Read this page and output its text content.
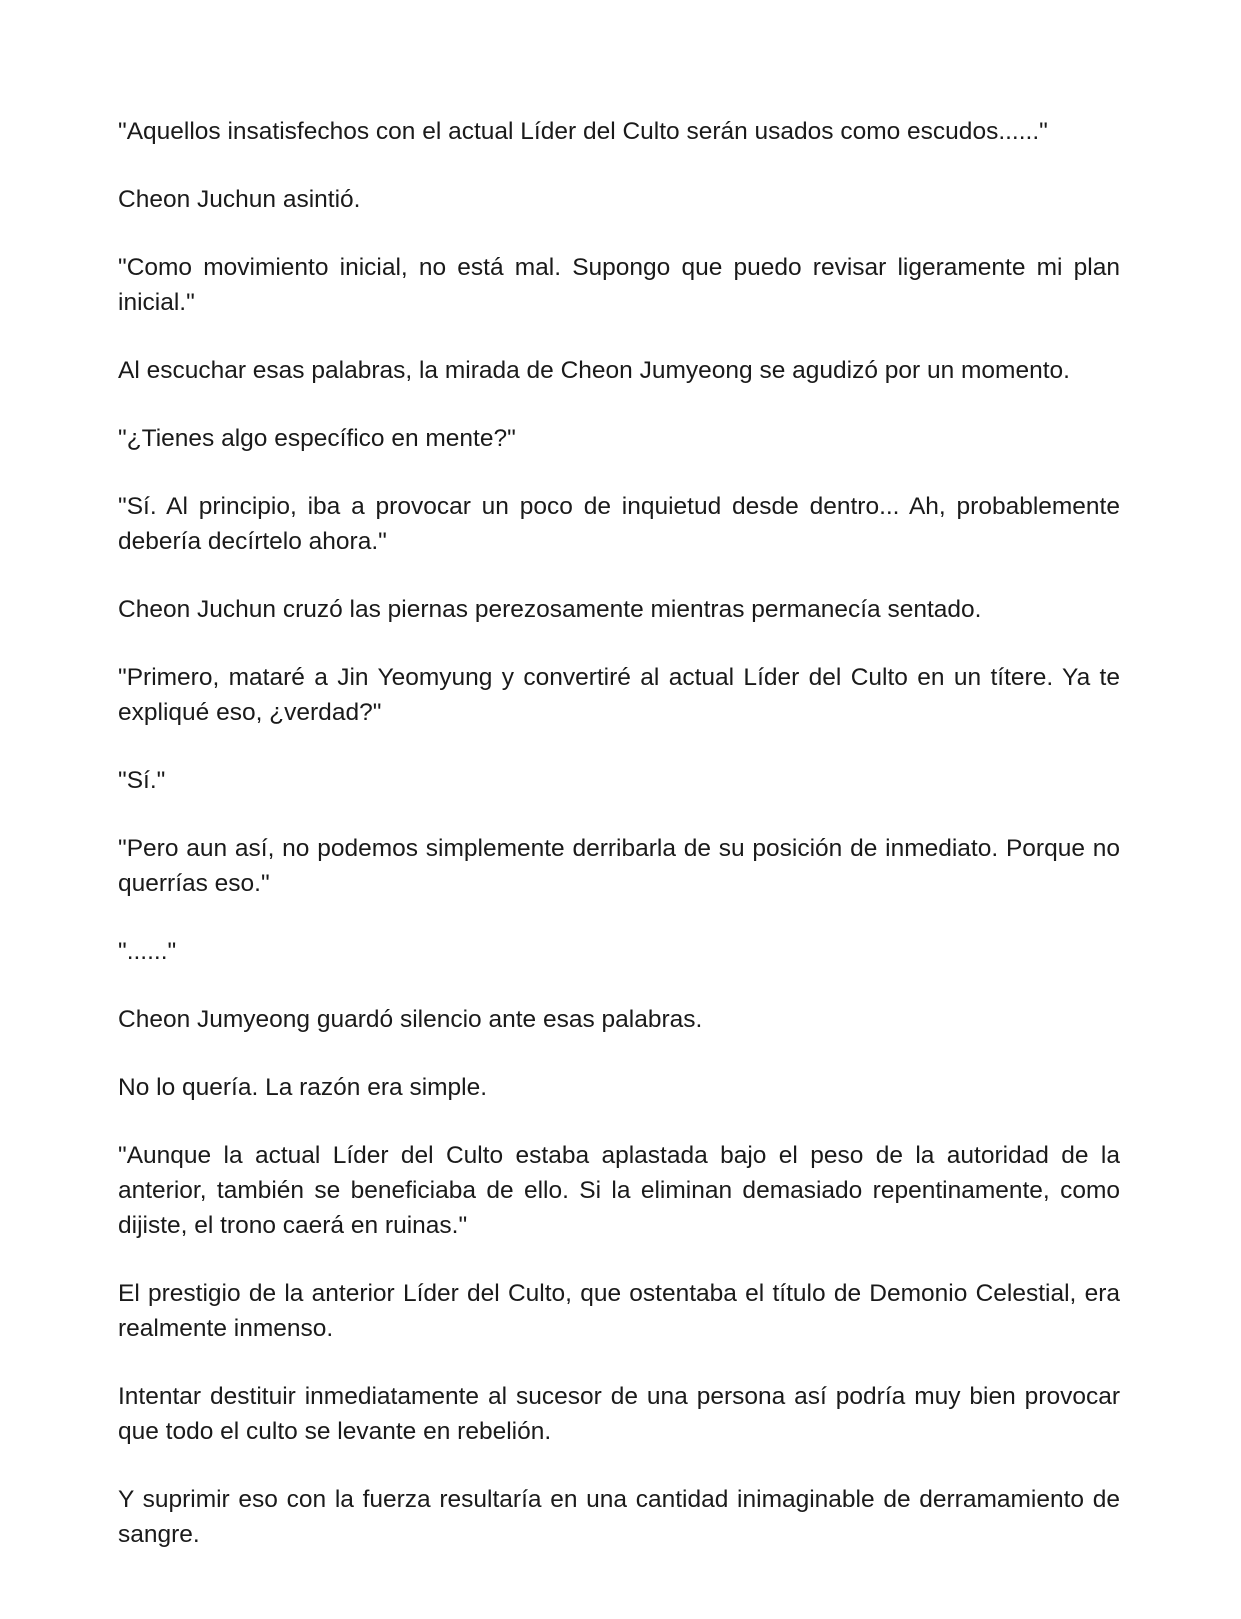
"Aquellos insatisfechos con el actual Líder del Culto serán usados como escudos......"

Cheon Juchun asintió.

"Como movimiento inicial, no está mal. Supongo que puedo revisar ligeramente mi plan inicial."

Al escuchar esas palabras, la mirada de Cheon Jumyeong se agudizó por un momento.

"¿Tienes algo específico en mente?"

"Sí. Al principio, iba a provocar un poco de inquietud desde dentro... Ah, probablemente debería decírtelo ahora."

Cheon Juchun cruzó las piernas perezosamente mientras permanecía sentado.

"Primero, mataré a Jin Yeomyung y convertiré al actual Líder del Culto en un títere. Ya te expliqué eso, ¿verdad?"

"Sí."

"Pero aun así, no podemos simplemente derribarla de su posición de inmediato. Porque no querrías eso."

"......"

Cheon Jumyeong guardó silencio ante esas palabras.

No lo quería. La razón era simple.

"Aunque la actual Líder del Culto estaba aplastada bajo el peso de la autoridad de la anterior, también se beneficiaba de ello. Si la eliminan demasiado repentinamente, como dijiste, el trono caerá en ruinas."

El prestigio de la anterior Líder del Culto, que ostentaba el título de Demonio Celestial, era realmente inmenso.

Intentar destituir inmediatamente al sucesor de una persona así podría muy bien provocar que todo el culto se levante en rebelión.

Y suprimir eso con la fuerza resultaría en una cantidad inimaginable de derramamiento de sangre.
